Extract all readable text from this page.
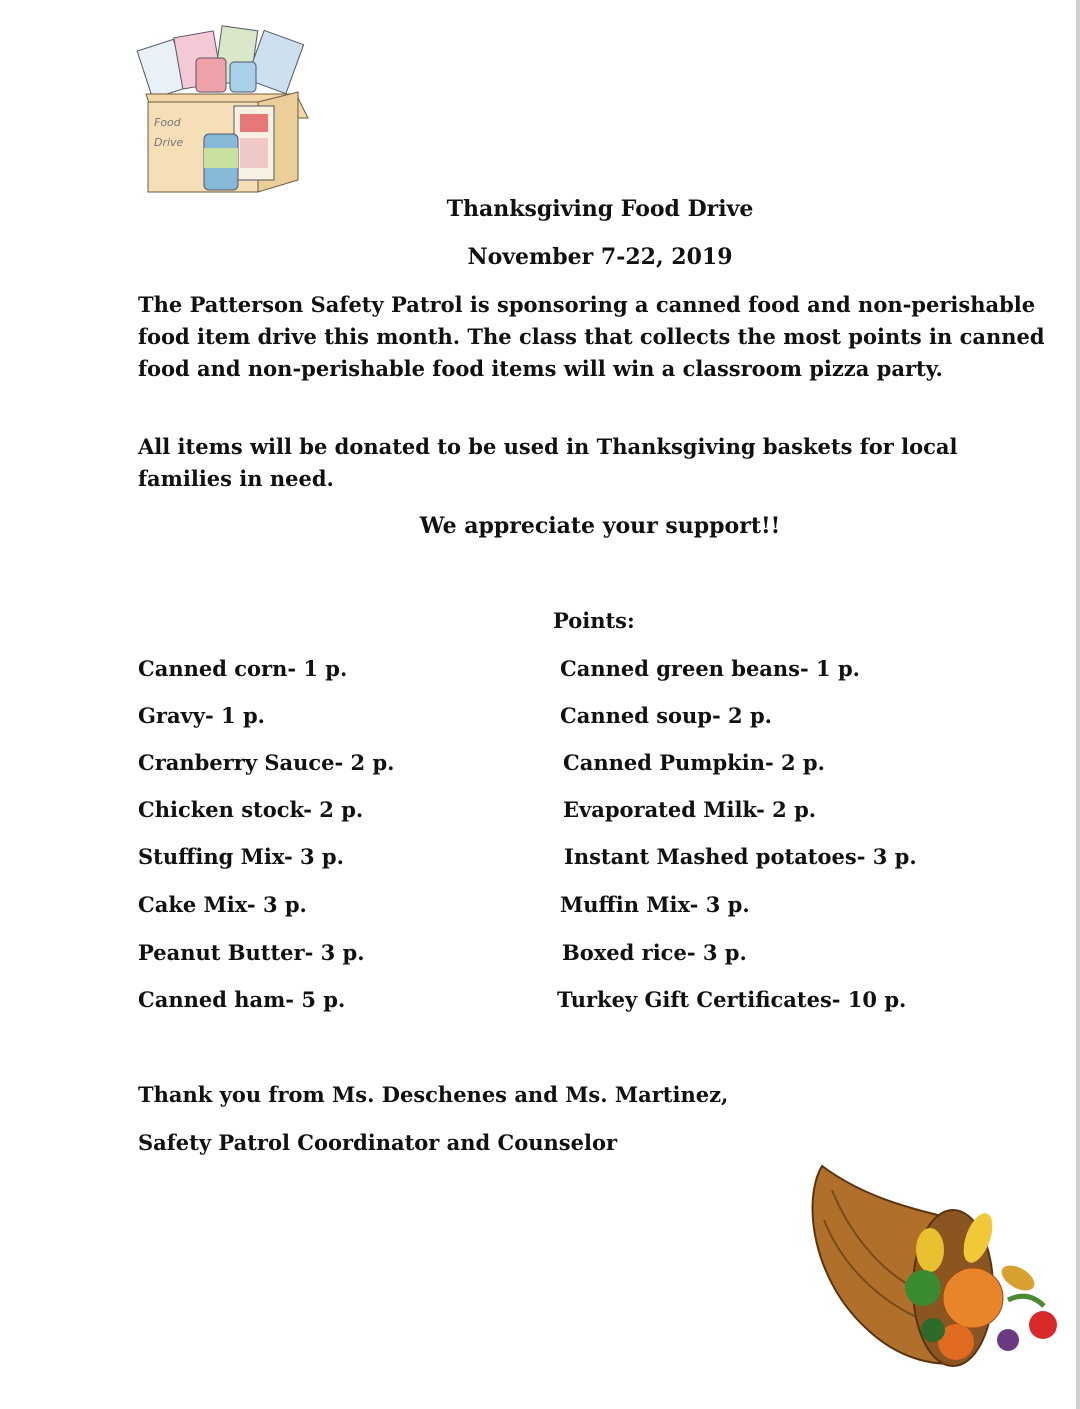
Food
Drive
Thanksgiving Food Drive
November 7-22, 2019

The Patterson Safety Patrol is sponsoring a canned food and non-perishable food item drive this month. The class that collects the most points in canned food and non-perishable food items will win a classroom pizza party.

All items will be donated to be used in Thanksgiving baskets for local families in need.

We appreciate your support!!
Points:
Canned corn- 1 p.
Gravy- 1 p.
Cranberry Sauce- 2 p.
Chicken stock- 2 p.
Stuffing Mix- 3 p.
Cake Mix- 3 p.
Peanut Butter- 3 p.
Canned ham- 5 p.
Canned green beans- 1 p.
Canned soup- 2 p.
Canned Pumpkin- 2 p.
Evaporated Milk- 2 p.
Instant Mashed potatoes- 3 p.
Muffin Mix- 3 p.
Boxed rice- 3 p.
Turkey Gift Certificates- 10 p.
Thank you from Ms. Deschenes and Ms. Martinez,
Safety Patrol Coordinator and Counselor
